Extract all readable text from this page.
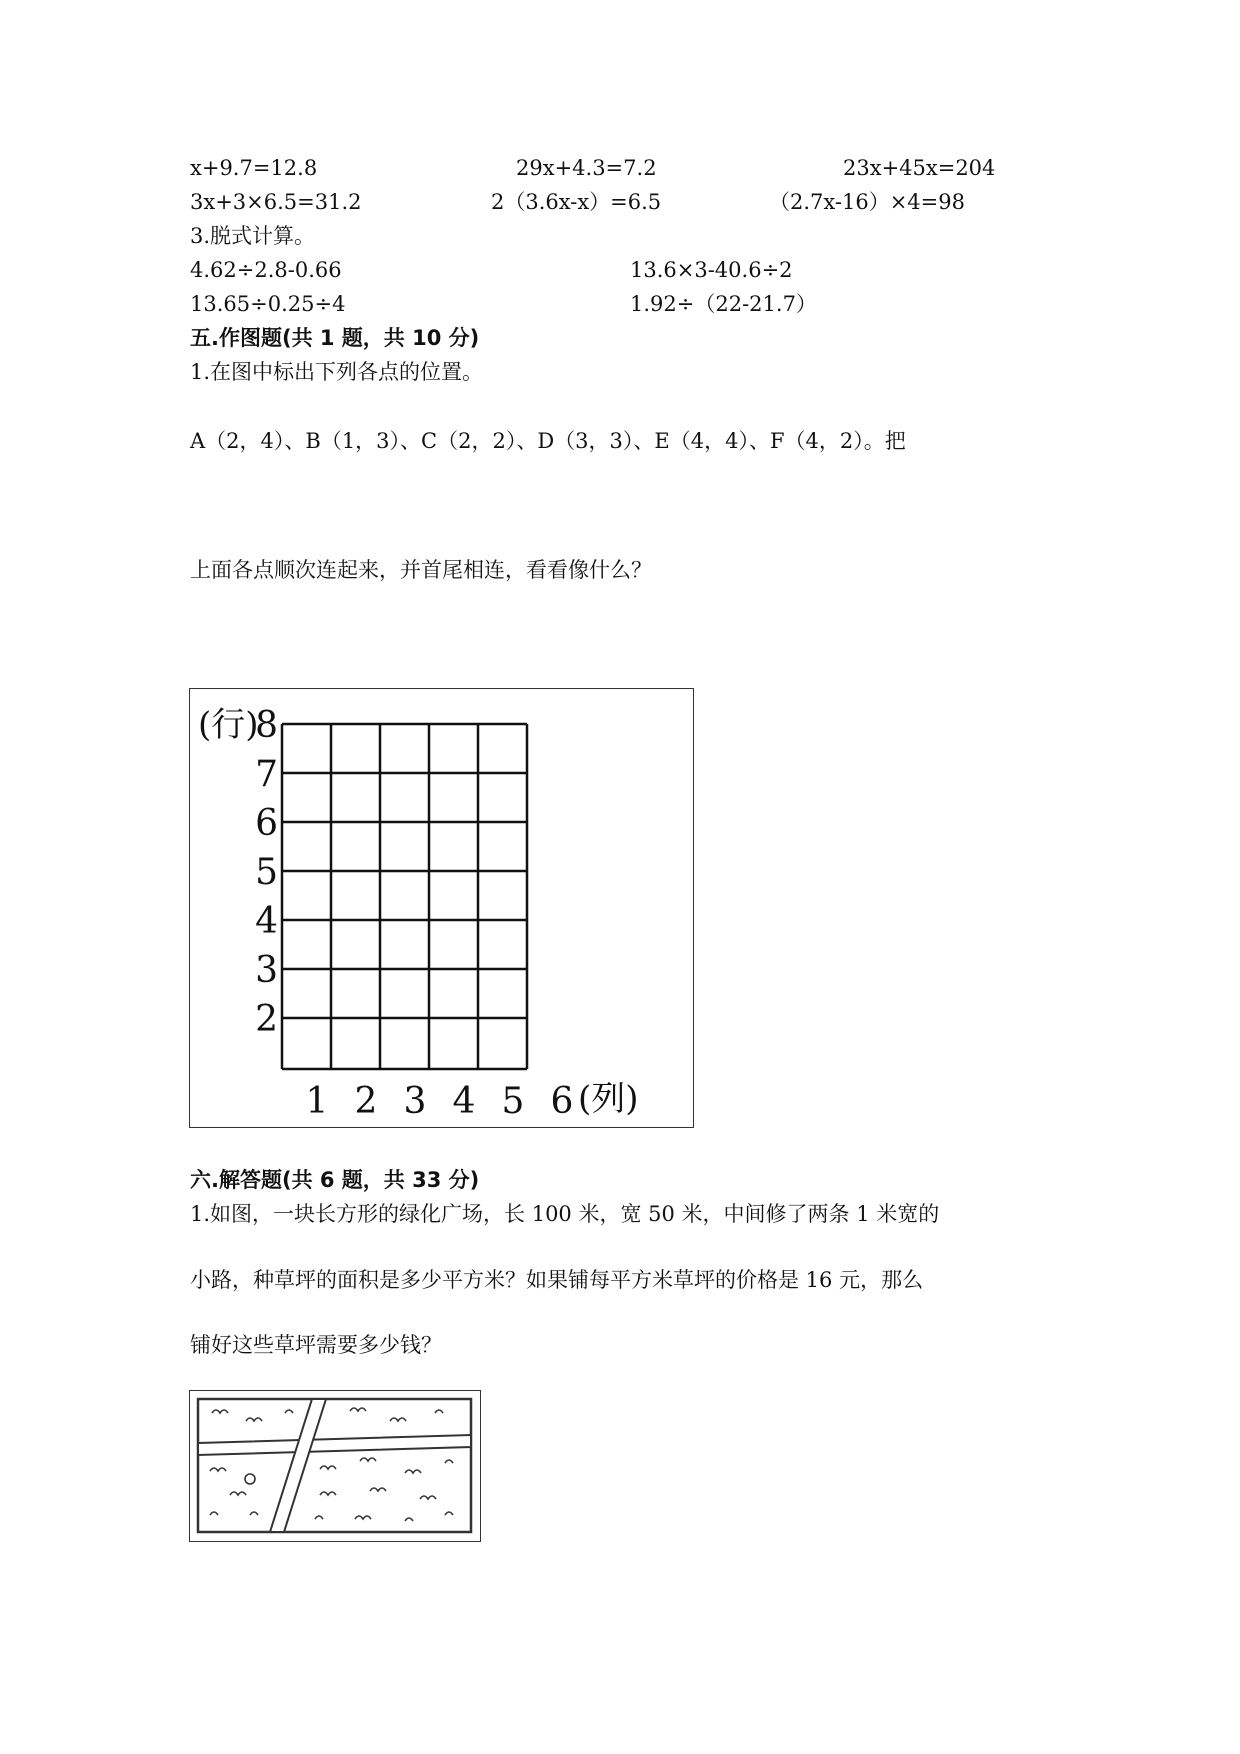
x+9.7=12.8	29x+4.3=7.2	23x+45x=204
3x+3×6.5=31.2	2（3.6x-x）=6.5	（2.7x-16）×4=98
3.脱式计算。
4.62÷2.8-0.66	13.6×3-40.6÷2
13.65÷0.25÷4	1.92÷（22-21.7）
五.作图题(共 1 题，共 10 分)
1.在图中标出下列各点的位置。
A（2，4）、B（1，3）、C（2，2）、D（3，3）、E（4，4）、F（4，2）。把
上面各点顺次连起来，并首尾相连，看看像什么？
(行)
8
7
6
5
4
3
2
1 2 3 4 5 6 (列)
六.解答题(共 6 题，共 33 分)
1.如图，一块长方形的绿化广场，长 100 米，宽 50 米，中间修了两条 1 米宽的
小路，种草坪的面积是多少平方米？如果铺每平方米草坪的价格是 16 元，那么
铺好这些草坪需要多少钱？
